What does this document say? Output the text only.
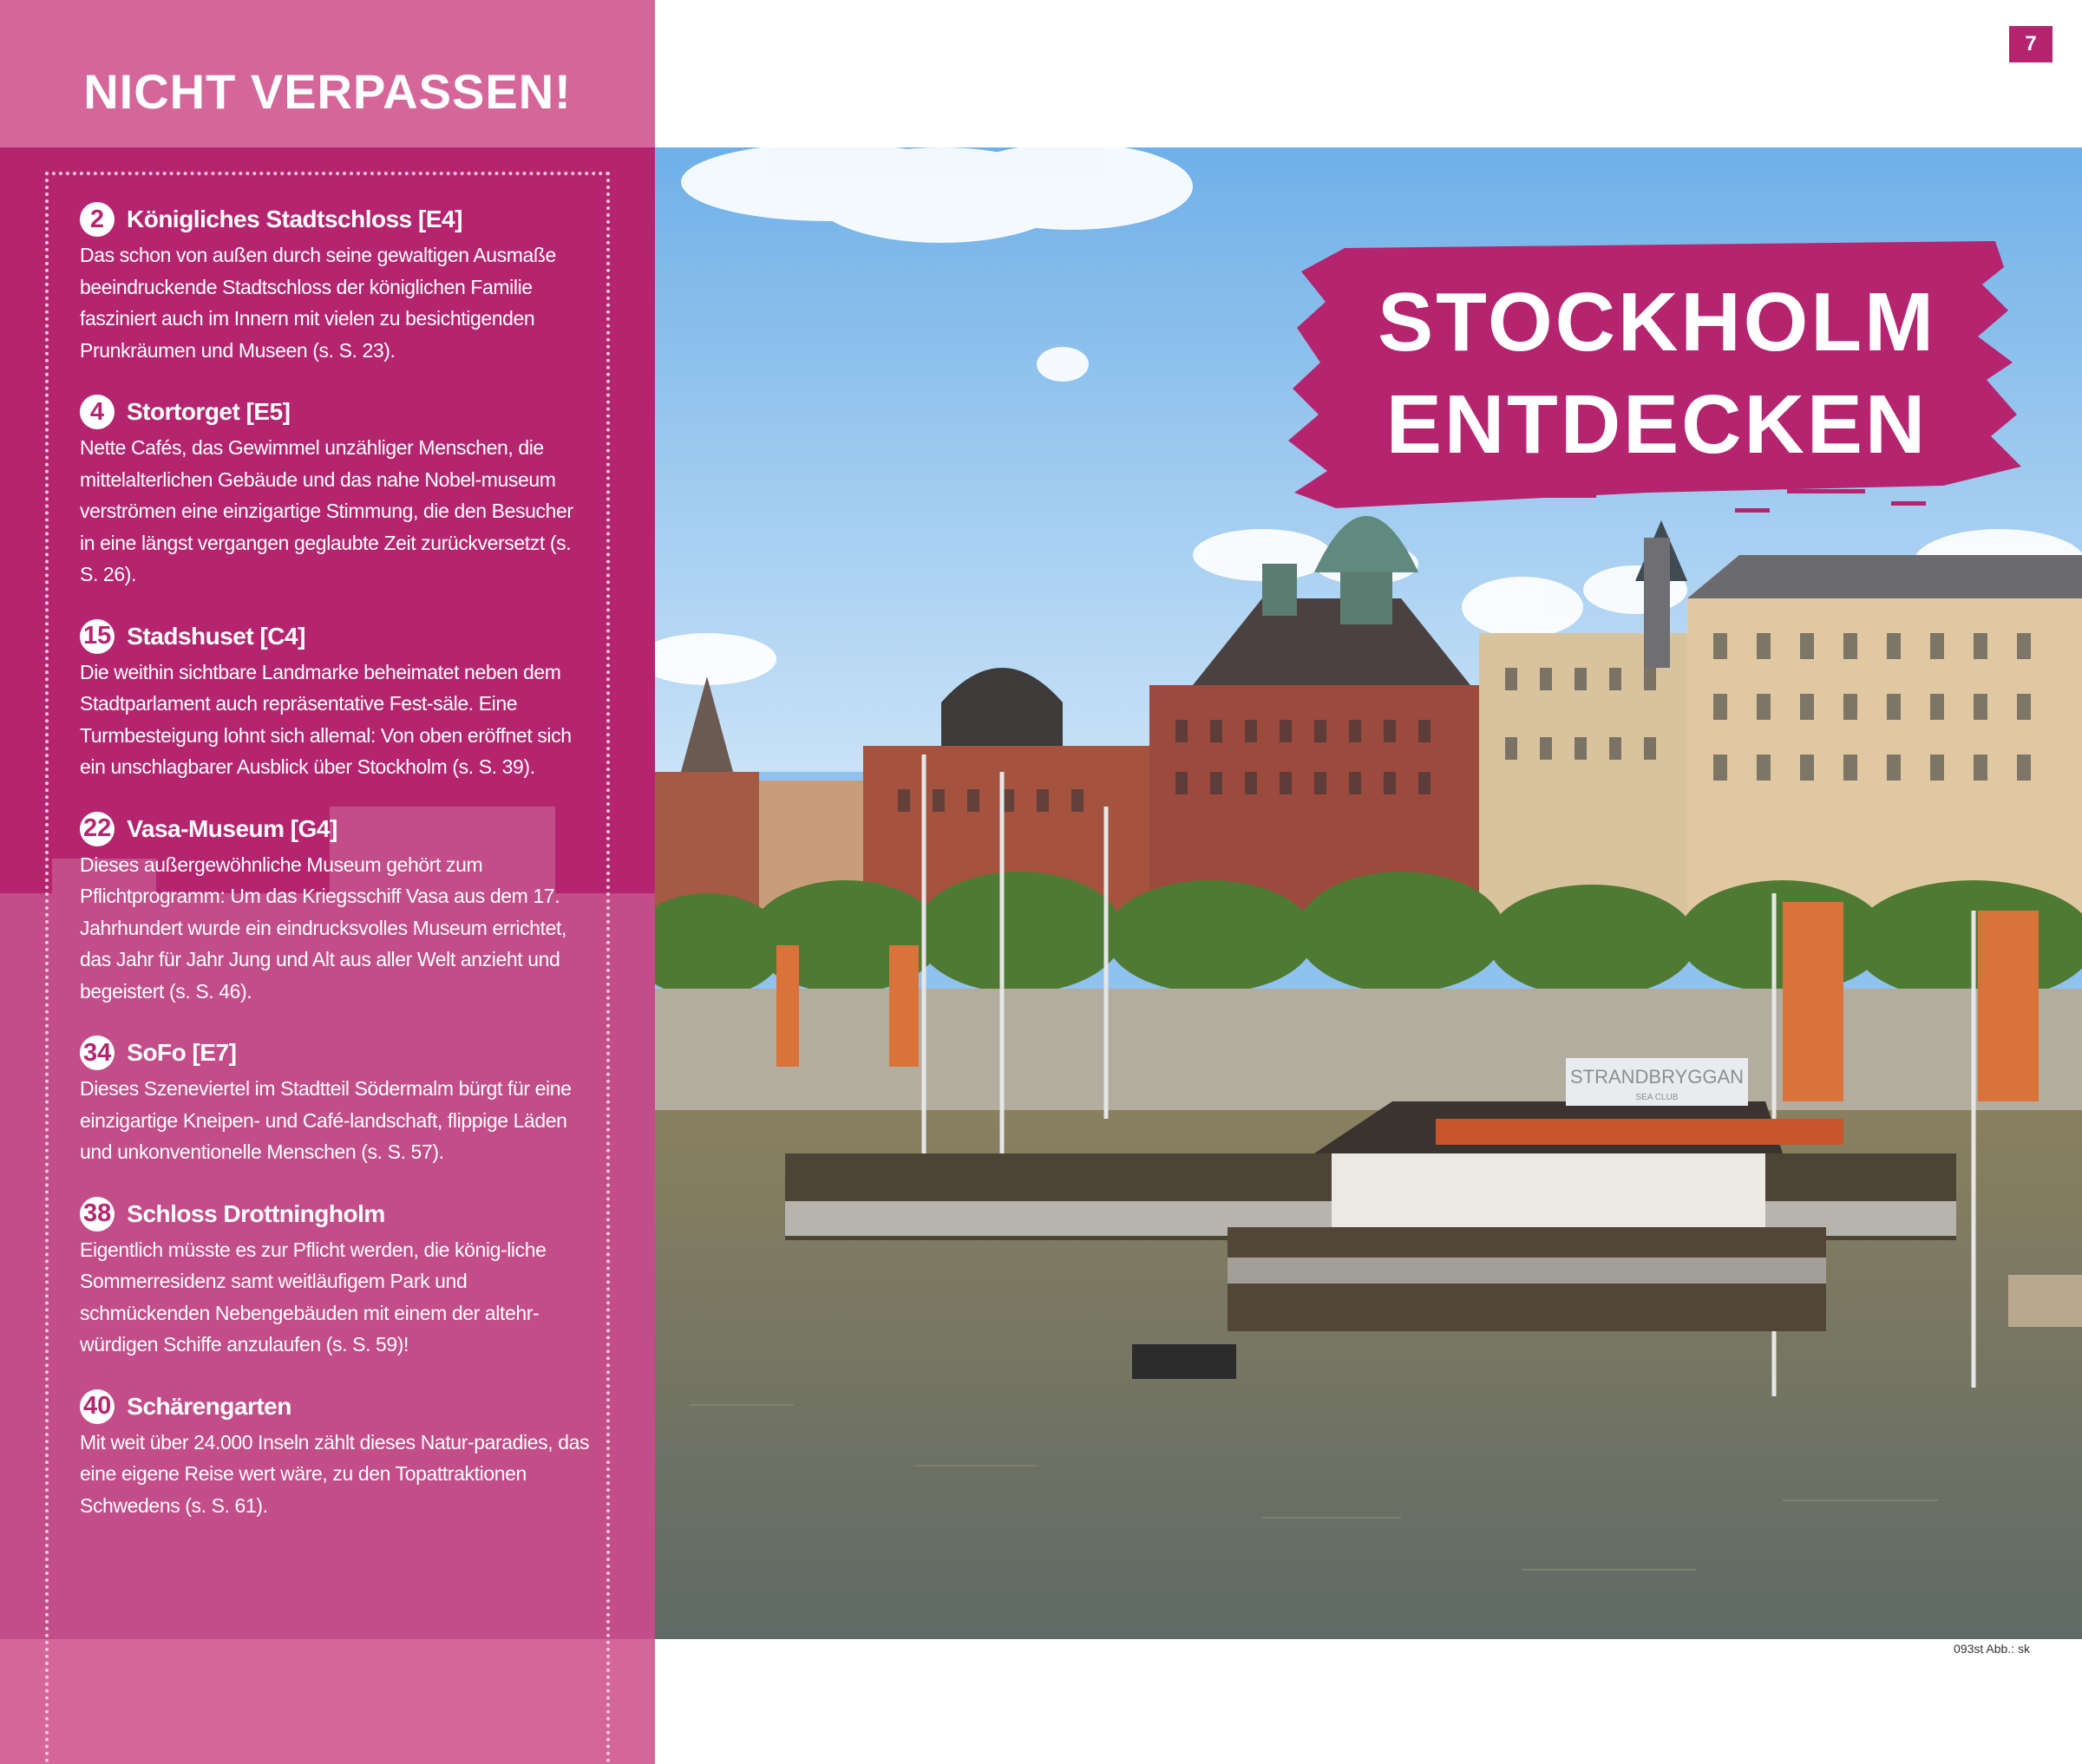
NICHT VERPASSEN!
2 Königliches Stadtschloss [E4]
Das schon von außen durch seine gewaltigen Ausmaße beeindruckende Stadtschloss der königlichen Familie fasziniert auch im Innern mit vielen zu besichtigenden Prunkräumen und Museen (s. S. 23).
4 Stortorget [E5]
Nette Cafés, das Gewimmel unzähliger Menschen, die mittelalterlichen Gebäude und das nahe Nobel-museum verströmen eine einzigartige Stimmung, die den Besucher in eine längst vergangen geglaubte Zeit zurückversetzt (s. S. 26).
15 Stadshuset [C4]
Die weithin sichtbare Landmarke beheimatet neben dem Stadtparlament auch repräsentative Fest-säle. Eine Turmbesteigung lohnt sich allemal: Von oben eröffnet sich ein unschlagbarer Ausblick über Stockholm (s. S. 39).
22 Vasa-Museum [G4]
Dieses außergewöhnliche Museum gehört zum Pflichtprogramm: Um das Kriegsschiff Vasa aus dem 17. Jahrhundert wurde ein eindrucksvolles Museum errichtet, das Jahr für Jahr Jung und Alt aus aller Welt anzieht und begeistert (s. S. 46).
34 SoFo [E7]
Dieses Szeneviertel im Stadtteil Södermalm bürgt für eine einzigartige Kneipen- und Café-landschaft, flippige Läden und unkonventionelle Menschen (s. S. 57).
38 Schloss Drottningholm
Eigentlich müsste es zur Pflicht werden, die könig-liche Sommerresidenz samt weitläufigem Park und schmückenden Nebengebäuden mit einem der altehr-würdigen Schiffe anzulaufen (s. S. 59)!
40 Schärengarten
Mit weit über 24.000 Inseln zählt dieses Natur-paradies, das eine eigene Reise wert wäre, zu den Topattraktionen Schwedens (s. S. 61).
7
STRANDBRYGGAN
SEA CLUB
STOCKHOLM
ENTDECKEN
093st Abb.: sk
